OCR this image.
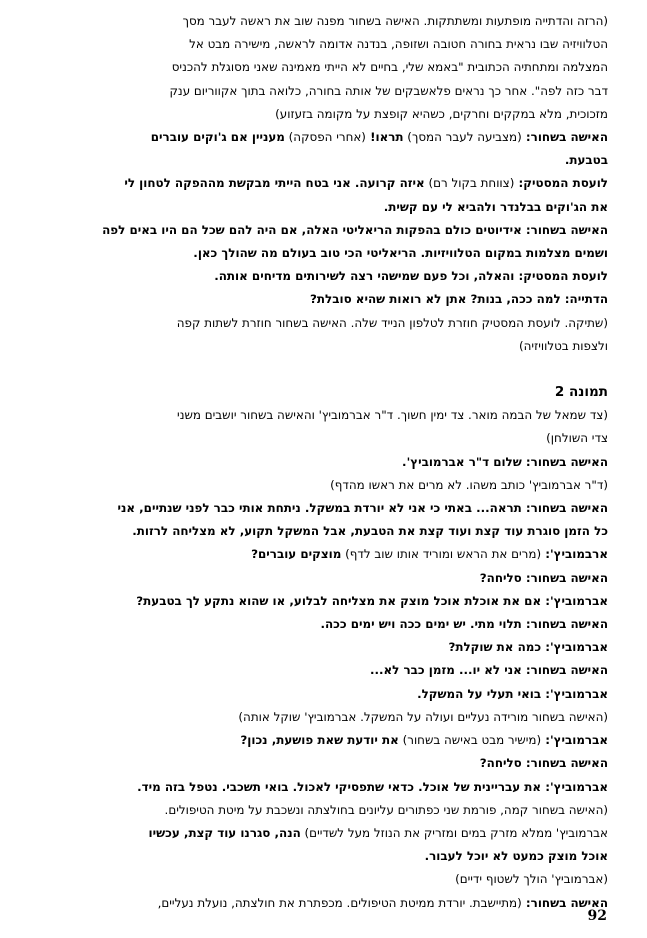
(הרזה והדתייה מופתעות ומשתתקות. האישה בשחור מפנה שוב את ראשה לעבר מסך
הטלוויזיה שבו נראית בחורה חטובה ושזופה, בנדנה אדומה לראשה, מישירה מבט אל
המצלמה ומתחתיה הכתובית "באמא שלי, בחיים לא הייתי מאמינה שאני מסוגלת להכניס
דבר כזה לפה". אחר כך נראים פלאשבקים של אותה בחורה, כלואה בתוך אקווריום ענק
מזכוכית, מלא במקקים וחרקים, כשהיא קופצת על מקומה בזעזוע)
האישה בשחור: (מצביעה לעבר המסך) תראו! (אחרי הפסקה) מעניין אם ג'וקים עוברים
בטבעת.
לועסת המסטיק: (צווחת בקול רם) איזה קרועה. אני בטח הייתי מבקשת מההפקה לטחון לי
את הג'וקים בבלנדר ולהביא לי עם קשית.
האישה בשחור: אידיוטים כולם בהפקות הריאליטי האלה, אם היה להם שכל הם היו באים לפה
ושמים מצלמות במקום הטלוויזיות. הריאליטי הכי טוב בעולם מה שהולך כאן.
לועסת המסטיק: והאלה, וכל פעם שמישהי רצה לשירותים מדיחים אותה.
הדתייה: למה ככה, בנות? אתן לא רואות שהיא סובלת?
(שתיקה. לועסת המסטיק חוזרת לטלפון הנייד שלה. האישה בשחור חוזרת לשתות קפה
ולצפות בטלוויזיה)
תמונה 2
(צד שמאל של הבמה מואר. צד ימין חשוך. ד"ר אברמוביץ' והאישה בשחור יושבים משני
צדי השולחן)
האישה בשחור: שלום ד"ר אברמוביץ'.
(ד"ר אברמוביץ' כותב משהו. לא מרים את ראשו מהדף)
האישה בשחור: תראה... באתי כי אני לא יורדת במשקל. ניתחת אותי כבר לפני שנתיים, אני
כל הזמן סוגרת עוד קצת ועוד קצת את הטבעת, אבל המשקל תקוע, לא מצליחה לרזות.
ארבמוביץ': (מרים את הראש ומוריד אותו שוב לדף) מוצקים עוברים?
האישה בשחור: סליחה?
אברמוביץ': אם את אוכלת אוכל מוצק את מצליחה לבלוע, או שהוא נתקע לך בטבעת?
האישה בשחור: תלוי מתי. יש ימים ככה ויש ימים ככה.
אברמוביץ': כמה את שוקלת?
האישה בשחור: אני לא יו... מזמן כבר לא...
אברמוביץ': בואי תעלי על המשקל.
(האישה בשחור מורידה נעליים ועולה על המשקל. אברמוביץ' שוקל אותה)
אברמוביץ': (מישיר מבט באישה בשחור) את יודעת שאת פושעת, נכון?
האישה בשחור: סליחה?
אברמוביץ': את עבריינית של אוכל. כדאי שתפסיקי לאכול. בואי תשכבי. נטפל בזה מיד.
(האישה בשחור קמה, פורמת שני כפתורים עליונים בחולצתה ונשכבת על מיטת הטיפולים.
אברמוביץ' ממלא מזרק במים ומזריק את הנוזל מעל לשדיים) הנה, סגרנו עוד קצת, עכשיו
אוכל מוצק כמעט לא יוכל לעבור.
(אברמוביץ' הולך לשטוף ידיים)
האישה בשחור: (מתיישבת. יורדת ממיטת הטיפולים. מכפתרת את חולצתה, נועלת נעליים,
92
